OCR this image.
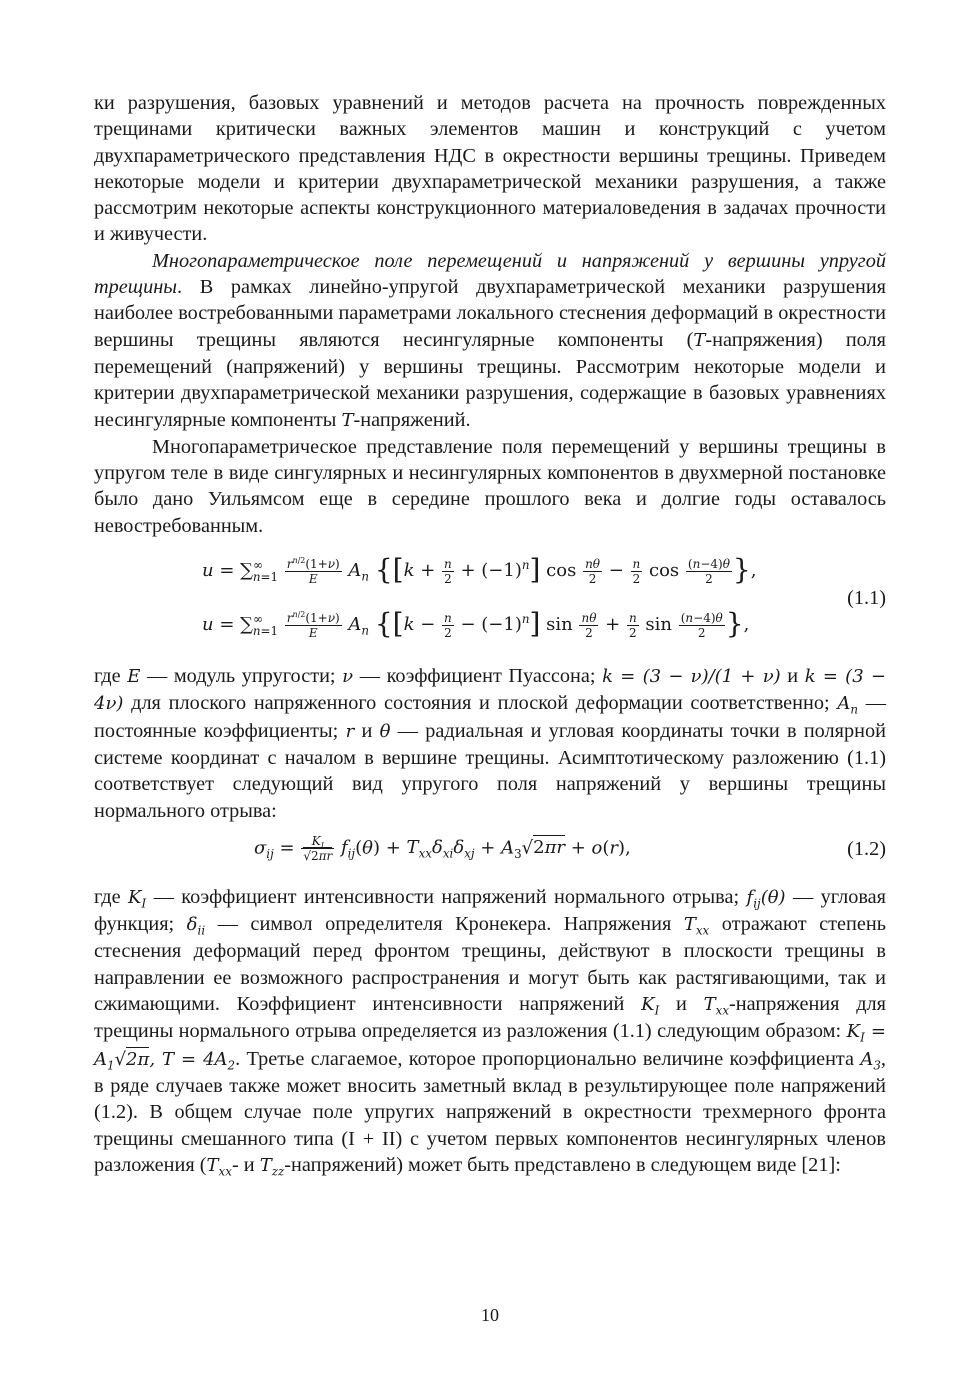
ки разрушения, базовых уравнений и методов расчета на прочность поврежденных трещинами критически важных элементов машин и конструкций с учетом двухпараметрического представления НДС в окрестности вершины трещины. Приведем некоторые модели и критерии двухпараметрической механики разрушения, а также рассмотрим некоторые аспекты конструкционного материаловедения в задачах прочности и живучести.

Многопараметрическое поле перемещений и напряжений у вершины упругой трещины. В рамках линейно-упругой двухпараметрической механики разрушения наиболее востребованными параметрами локального стеснения деформаций в окрестности вершины трещины являются несингулярные компоненты (T-напряжения) поля перемещений (напряжений) у вершины трещины. Рассмотрим некоторые модели и критерии двухпараметрической механики разрушения, содержащие в базовых уравнениях несингулярные компоненты T-напряжений.

Многопараметрическое представление поля перемещений у вершины трещины в упругом теле в виде сингулярных и несингулярных компонентов в двухмерной постановке было дано Уильямсом еще в середине прошлого века и долгие годы оставалось невостребованным.

$u = \sum^\infty_{n=1} \frac{r^{n/2}(1+\nu)}{E} A_n$ {$[k + \frac{n}{2} + (-1)^n]$ $\cos \frac{n\theta}{2} - \frac{n}{2}$ $\cos \frac{(n-4)\theta}{2}$ },
$u = \sum^\infty_{n=1} \frac{r^{n/2}(1+\nu)}{E} A_n$ {$[k - \frac{n}{2} - (-1)^n]$ $\sin \frac{n\theta}{2} + \frac{n}{2}$ $\sin \frac{(n-4)\theta}{2}$ },
(1.1)

где E — модуль упругости; ν — коэффициент Пуассона; k = (3 − ν)/(1 + ν) и k = (3 − 4ν) для плоского напряженного состояния и плоской деформации соответственно; $A_n$ — постоянные коэффициенты; r и θ — радиальная и угловая координаты точки в полярной системе координат с началом в вершине трещины. Асимптотическому разложению (1.1) соответствует следующий вид упругого поля напряжений у вершины трещины нормального отрыва:

$\sigma_{ij} = \frac{K_I}{√2\pi r} f_{ij}(\theta) + T_{xx}\delta_{xi}\delta_{xj} + A_3√2\pi r + o(r)$,	(1.2)

где $K_I$ — коэффициент интенсивности напряжений нормального отрыва; $f_{ij}(\theta)$ — угловая функция; $\delta_{ii}$ — символ определителя Кронекера. Напряжения $T_{xx}$ отражают степень стеснения деформаций перед фронтом трещины, действуют в плоскости трещины в направлении ее возможного распространения и могут быть как растягивающими, так и сжимающими. Коэффициент интенсивности напряжений $K_I$ и $T_{xx}$-напряжения для трещины нормального отрыва определяется из разложения (1.1) следующим образом: $K_I = A_1√2\pi$, $T = 4A_2$. Третье слагаемое, которое пропорционально величине коэффициента $A_3$, в ряде случаев также может вносить заметный вклад в результирующее поле напряжений (1.2). В общем случае поле упругих напряжений в окрестности трехмерного фронта трещины смешанного типа (I + II) с учетом первых компонентов несингулярных членов разложения ($T_{xx}-$ и $T_{zz}-напряжений$) может быть представлено в следующем виде [21]:

10
